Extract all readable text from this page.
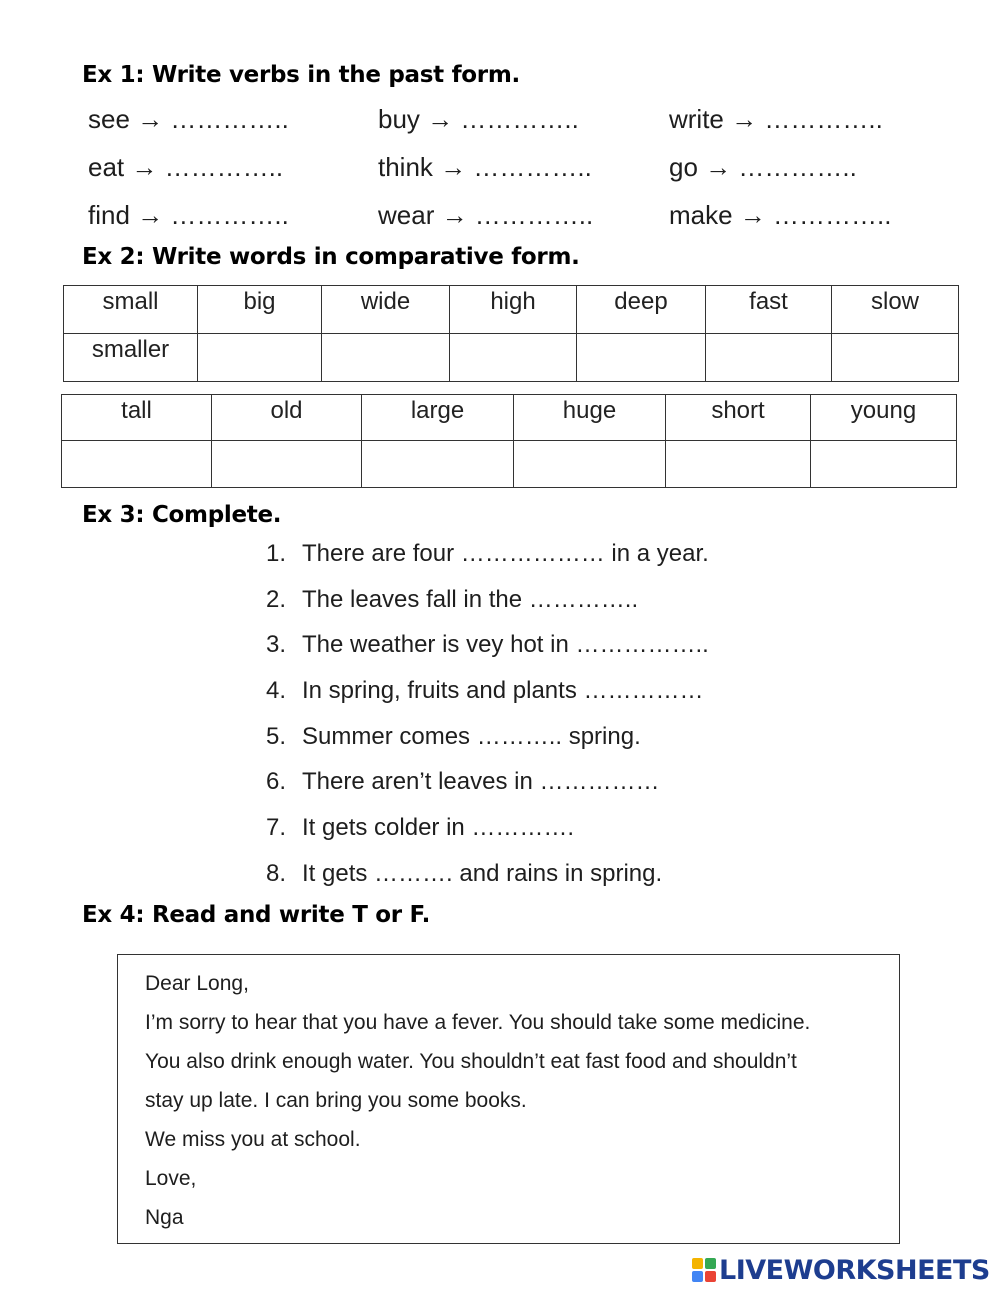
Ex 1: Write verbs in the past form.
see → …………..	buy → …………..	write → …………..
eat → …………..	think → …………..	go → …………..
find → …………..	wear → …………..	make → …………..
Ex 2: Write words in comparative form.
small	big	wide	high	deep	fast	slow
smaller						
tall	old	large	huge	short	young

Ex 3: Complete.
1. There are four ……………… in a year.
2. The leaves fall in the …………..
3. The weather is vey hot in ……………..
4. In spring, fruits and plants ……………
5. Summer comes ……….. spring.
6. There aren’t leaves in ……………
7. It gets colder in ………….
8. It gets ………. and rains in spring.
Ex 4: Read and write T or F.
Dear Long,
I’m sorry to hear that you have a fever. You should take some medicine.
You also drink enough water. You shouldn’t eat fast food and shouldn’t
stay up late. I can bring you some books.
We miss you at school.
Love,
Nga
LIVEWORKSHEETS
